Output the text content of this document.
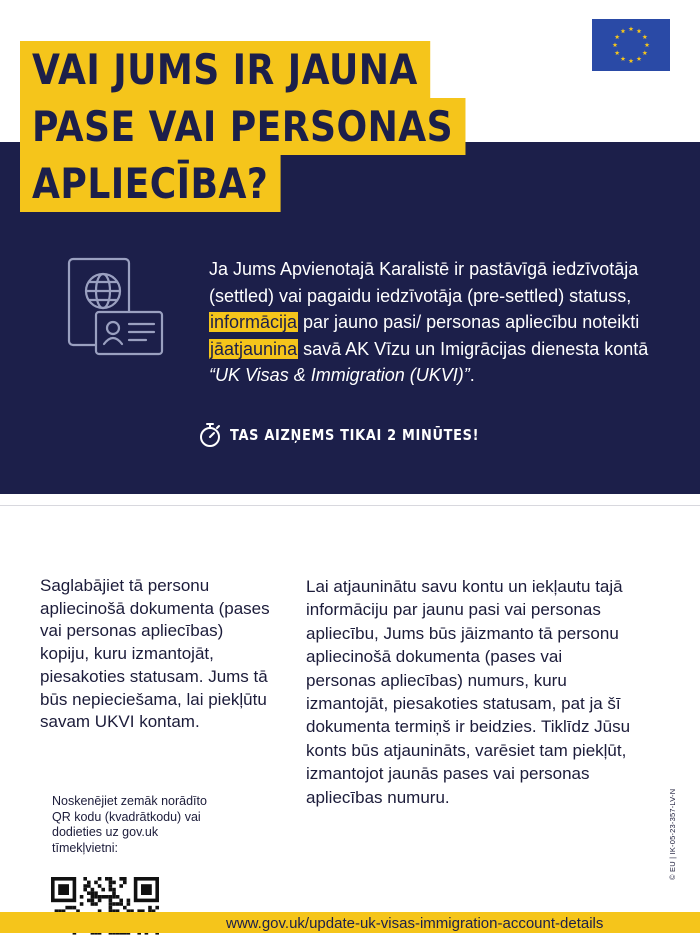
VAI JUMS IR JAUNA
PASE VAI PERSONAS
APLIECĪBA?
Ja Jums Apvienotajā Karalistē ir pastāvīgā iedzīvotāja (settled) vai pagaidu iedzīvotāja (pre-settled) statuss, informācija par jauno pasi/ personas apliecību noteikti jāatjaunina savā AK Vīzu un Imigrācijas dienesta kontā “UK Visas & Immigration (UKVI)”.
TAS AIZŅEMS TIKAI 2 MINŪTES!
Saglabājiet tā personu apliecinošā dokumenta (pases vai personas apliecības) kopiju, kuru izmantojāt, piesakoties statusam. Jums tā būs nepieciešama, lai piekļūtu savam UKVI kontam.
Lai atjauninātu savu kontu un iekļautu tajā informāciju par jaunu pasi vai personas apliecību, Jums būs jāizmanto tā personu apliecinošā dokumenta (pases vai personas apliecības) numurs, kuru izmantojāt, piesakoties statusam, pat ja šī dokumenta termiņš ir beidzies. Tiklīdz Jūsu konts būs atjaunināts, varēsiet tam piekļūt, izmantojot jaunās pases vai personas apliecības numuru.
Noskenējiet zemāk norādīto QR kodu (kvadrātkodu) vai dodieties uz gov.uk tīmekļvietni:
www.gov.uk/update-uk-visas-immigration-account-details
© EU | IK-05-23-357-LV-N
